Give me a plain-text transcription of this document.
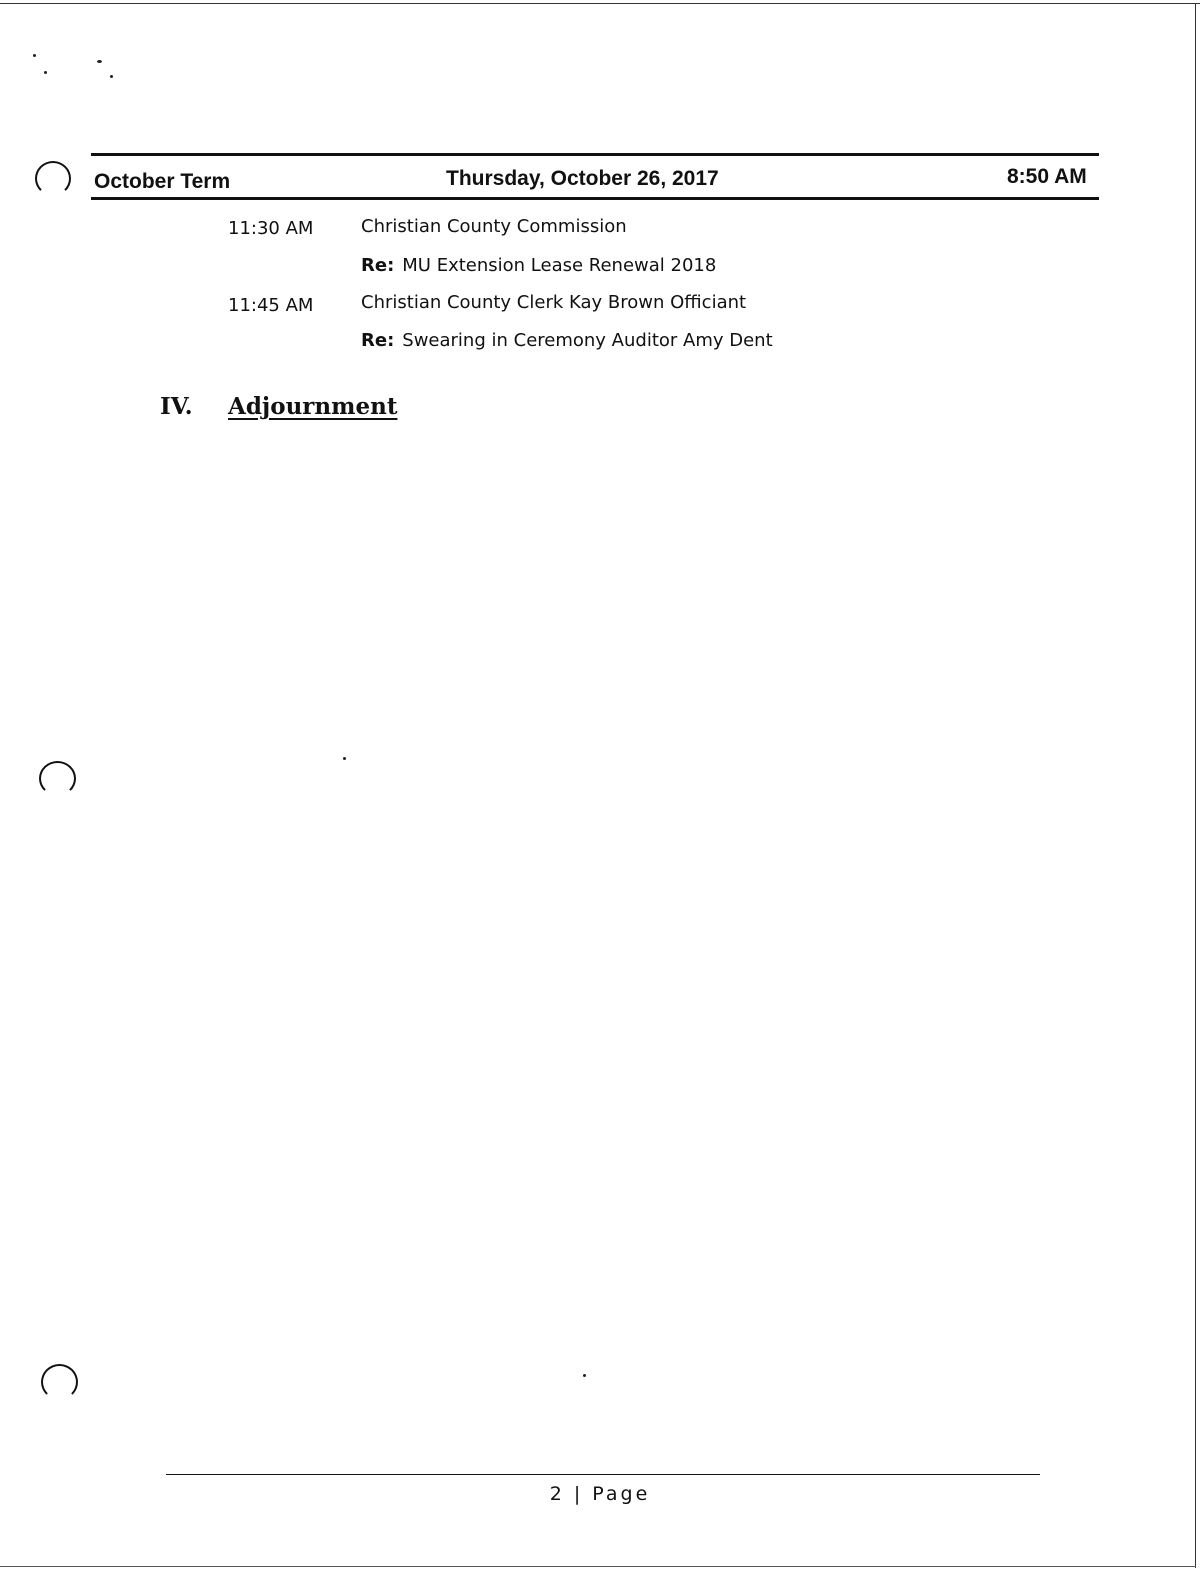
October Term	Thursday, October 26, 2017	8:50 AM
11:30 AM	Christian County Commission
Re: MU Extension Lease Renewal 2018
11:45 AM	Christian County Clerk Kay Brown Officiant
Re: Swearing in Ceremony Auditor Amy Dent
IV. Adjournment
2 | Page
